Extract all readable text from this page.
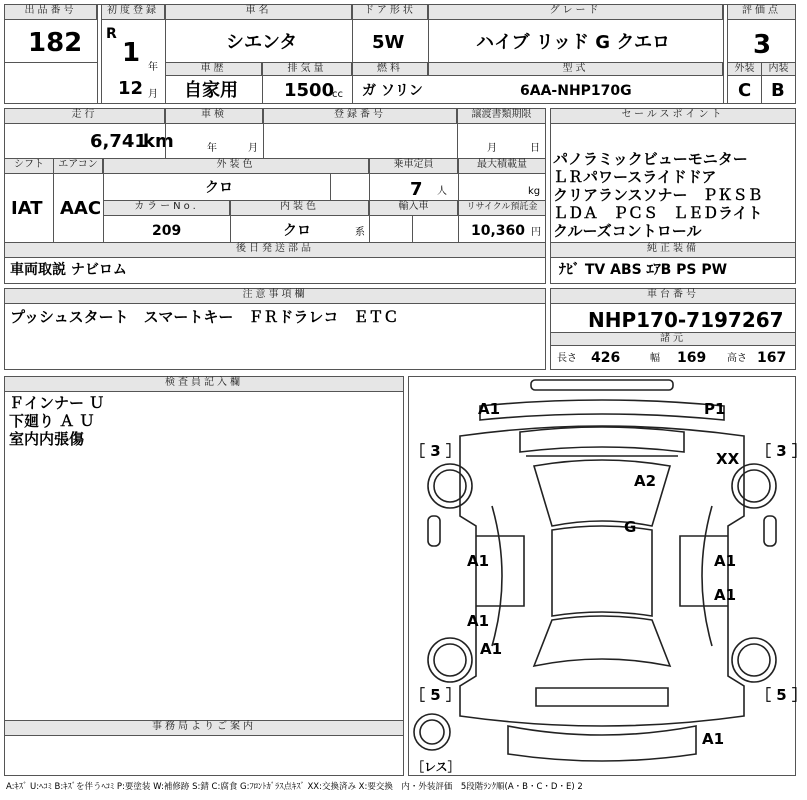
出品番号
182
初度登録
R
1 年
12 月
車名
シエンタ
ドア形状
5W
グレード
ハイブ リッド G クエロ
評価点
3
車歴
自家用
排気量
1500
cc
燃料
ガ ソリン
型式
6AA-NHP170G
外装	内装
C B
走行
6,741
km
車検
年	月
登録番号	譲渡書類期限
月	日
シフト	エアコン
IAT AAC
外装色
クロ
乗車定員
7 人
最大積載量
kg
カラーNo.
209
内装色
クロ	系
輸入車	リサイクル預託金
10,360 円
後日発送部品
車両取説 ナビロム
セールスポイント
パノラミックビューモニター
ＬＲパワースライドドア
クリアランスソナー　ＰＫＳＢ
ＬＤＡ　ＰＣＳ　ＬＥＤライト
クルーズコントロール
純正装備
ﾅﾋﾞ TV ABS ｴｱB PS PW
注意事項欄
プッシュスタート　スマートキー　ＦＲドラレコ　ＥＴＣ
車台番号
NHP170-7197267
諸元
長さ 426	幅 169 高さ 167
検査員記入欄
Ｆインナー Ｕ
下廻り Ａ Ｕ
室内内張傷
事務局よりご案内
［ 3 ］	［ 3 ］
［ 5 ］	［ 5 ］
［レス］
A1	P1
XX
A2
G
A1	A1
A1
A1
A1
A1
A:ｷｽﾞ U:ﾍｺﾐ B:ｷｽﾞを伴うﾍｺﾐ P:要塗装 W:補修跡 S:錆 C:腐食 G:ﾌﾛﾝﾄｶﾞﾗｽ点ｷｽﾞ XX:交換済み X:要交換　内・外装評価　5段階ﾗﾝｸ順(A・B・C・D・E) 2
